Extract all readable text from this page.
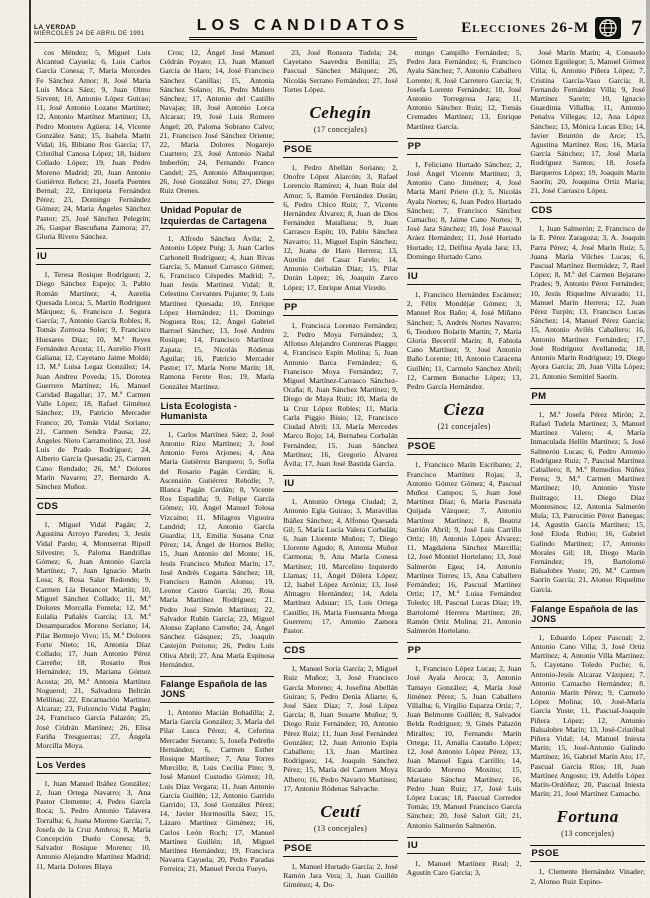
LA VERDAD
MIÉRCOLES 24 DE ABRIL DE 1991	LOS CANDIDATOS	Elecciones 26-M 7

cos Méndez; 5, Miguel Luis Alcantud Cayuela; 6, Luis Carlos García Conesa; 7, María Mercedes Fe Sánchez Amor; 8, José María Luis Moca Sáez; 9, Juan Olmo Sirvent; 10, Antonio López Guirao; 11, José Antonio Lozano Martínez; 12, Antonio Martínez Martínez; 13, Pedro Montero Agüera; 14, Vicente González Sanz; 15, Isabela Marín Vidal; 16, Bibiano Ros García; 17, Cristóbal Canosa López; 18, Isidoro Collado López; 19, Juan Pedro Moreno Madrid; 20, Juan Antonio Gutiérrez Rehce; 21, Josefa Puentes Bernal; 22, Enriqueta Fernández Pérez; 23, Domingo Fernández Gómez; 24, María Ángeles Sánchez Pastor; 25, José Sánchez Pelegrín; 26, Gaspar Bascuñana Zamora; 27, Gloria Rivero Sánchez.

IU

1, Teresa Rosique Rodríguez; 2, Diego Sánchez Espejo; 3, Pablo Román Martínez; 4, Aurelia Quesada Lorca; 5, Martín Rodríguez Márquez; 6, Francisco J. Segura García; 7, Antonio García Robles; 8, Tomás Zornoza Soler; 9, Francisco Huesares Díaz; 10, M.ª Reyes Fernández Acosta; 11, Aurelio Florit Galiana; 12, Cayetano Jaime Moldó; 13, M.ª Luisa Legaz González; 14, Juan Andreu Poveda; 15, Dorotea Guerrero Martínez; 16, Manuel Caridad Bagallar; 17, M.ª Carmen Valle López; 18, Rafael Giménez Sánchez; 19, Patricio Mercader Franco; 20, Tomás Vidal Soriano; 21, Carmen Sendra Pausa; 22, Ángeles Nieto Carramolino; 23, José Luis de Prado Rodríguez; 24, Alberto García Quesada; 25, Carmen Cano Rendado; 26, M.ª Dolores Marín Navarro; 27, Bernardo A. Sánchez Muñoz.

CDS

1, Miguel Vidal Pagán; 2, Agustina Arroyo Paredes; 3, Jesús Vidal Pardo; 4, Montserrat Ripoll Silvestre; 5, Paloma Bandrillas Gómez; 6, Juan Antonio García Martínez; 7, Juan Ignacio Marín Losa; 8, Rosa Salar Redondo; 9, Carmen Lía Betancor Martín; 10, Miguel Sánchez Collado; 11, M.ª Dolores Morcalla Fontela; 12, M.ª Eulalia Pañalés García; 13, M.ª Desamparados Moreno Soriano; 14, Pilar Bermejo Vivo; 15, M.ª Dolores Forte Nieto; 16, Antonia Díaz Collado; 17, Juan Antonio Pérez Carreño; 18, Rosario Ros Hernández; 19, Mariana Gómez Acosta; 20, M.ª Antonia Martínez Noguerol; 21, Salvadora Beltrán Mellinas; 22, Encarnación Martínez Alcaraz; 23, Fulcencio Vidal Pagán; 24, Francisco García Palazón; 25, José Cridrán Martínez; 26, Elisa Fariña Tresguerras; 27, Ángela Morcilla Moya.

Los Verdes

1, Juan Manuel Ibáñez González; 2, Juan Ortega Navarro; 3, Ana Pastor Clemente; 4, Pedro García Roca; 5, Pedro Antonio Talavera Torralba; 6, Juana Moreno García; 7, Josefa de la Cruz Ambros; 8, María Concepción Duelo Conesa; 9, Salvador Rosique Moreno; 10, Antonio Alejandro Martínez Madrid; 11, María Dolores Blaya

Cros; 12, Ángel José Manuel Celdrán Poyato; 13, Juan Manuel García de Haro; 14, José Francisco Sánchez Canillas; 15, Antonia Sánchez Solano; 16, Pedro Mulero Sánchez; 17, Antonio del Castillo Navajas; 18, José Antonio Lorca Alcaraz; 19, José Luis Romero Ángel; 20, Paloma Sobrano Calvo; 21, Francisco José Sánchez Oriente; 22, María Dolores Nogarejo Cuartero; 23, José Antonio Nadal Imberlón; 24, Fernando Franco Candel; 25, Antonio Albuquerque; 26, José González Soto; 27, Diego Ruiz Orenes.

Unidad Popular de Izquierdas de Cartagena

1, Alfredo Sánchez Ávila; 2, Antonio López Puig; 3, Juan Carlos Carbonell Rodríguez; 4, Juan Rivas García; 5, Manuel Carrasco Gómez; 6, Francisco Céspedes Madrid; 7, Juan Jesús Martínez Vidal; 8, Celestino Cervantes Pujante; 9, Luis Martínez Quesada; 10, Enrique López Hernández; 11, Domingo Noguera Ros; 12, Ángel Gabriel Barruel Sánchez; 13, José Andreu Rosique; 14, Francisco Martínez Zapata; 15, Nicolás Ródenas Aguilar; 16, Patricio Mercader Pastor; 17, María Norte Marín; 18, Ramona Ferete Ros; 19, María González Martínez.

Lista Ecologista - Humanista

1, Carlos Martínez Sáez; 2, José Antonio Rizo Martínez; 3, José Antonio Feres Arjones; 4, Ana María Gutiérrez Barquero; 5, Sofía del Rosario Pagán Cerdán; 6, Ascensión Gutiérrez Rebolle; 7, Blanca Pagán Cerdán; 8, Vicente Ros Espadiña; 9, Felipe García Gómez; 10, Ángel Manuel Tolosa Vizcaíno; 11, Milagros Viguoira Landrid; 12, Antonio García Guardia; 13, Emilia Susana Cruz Pérez; 14, Ángel de Hornos Bello; 15, Juan Antonio del Monte; 16, Jesús Francisco Muñoz Marín; 17, José Andrés Cegarra Sánchez; 18, Francisco Ramón Alonso; 19, Leonor Castro García; 20, Rosa María Martínez Rodríguez; 21, Pedro José Simón Martínez; 22, Salvador Rubín García; 23, Miguel Alonso Zaplano Carreño; 24, Ángel Sánchez Gásquez; 25, Joaquín Castejón Periono; 26, Pedro Luis Oliva Abril; 27, Ana María Espinosa Hernández.

Falange Española de las JONS

1, Antonio Macián Bobadilla; 2, María García González; 3, María del Pilar Lasca Pérez; 4, Ceferina Mercader Serrano; 5, Josefa Pedreño Hernández; 6, Carmen Esther Rosique Martínez; 7, Ana Torres Murcillo; 8, Luis Cecilia Pino; 9, José Manuel Custodio Gómez; 10, Luis Díaz Vergara; 11, Juan Antonio García Guillén; 12, Antonio Garrido Garrido; 13, José González Pérez; 14, Javier Hormosilla Sáez; 15, Lázaro Martínez Giménez; 16, Carlos León Roch; 17, Manuel Martínez Guillén; 18, Miguel Martínez Hernández; 19, Francisca Navarra Cayuela; 20, Pedro Paradas Ferreira; 21, Manuel Percia Fueyo,

23, José Ronsora Tudela; 24, Cayetano Saavedra Bonilla; 25, Pascual Sánchez Málquez; 26, Nicolás Serrano Fernández; 27, José Tortes López.

Cehegín
(17 concejales)
PSOE

1, Pedro Abellán Soriano; 2, Onofre López Alarcón; 3, Rafael Lorencio Ramírez; 4, Juan Ruiz del Amor; 5, Ramón Fernández Durán; 6, Pedro Chico Ruiz; 7, Vicente Hernández Álvarez; 8, Juan de Dios Fernández Matallana; 9, Juan Carrasco Espín; 10, Pablo Sánchez Navarro; 11, Miguel Espín Sánchez; 12, Juana de Haro Herrera; 13, Aurelio del Casar Farelo; 14, Antonio Corbalán Díaz; 15, Pilar Durán López; 16, Joaquín Zarco López; 17, Enrique Amat Vicedo.

PP

1, Francisca Lorenzo Fernández; 2, Pedro Moya Fernández; 3, Alfonso Alejandro Contreras Piaggo; 4, Francisco Espín Molina; 5, Juan Antonio Barca Fernández; 6, Francisco Moya Fernández; 7, Miguel Martínez-Carrasco Sánchez-Ocaña; 8, Juan Sánchez Martínez; 9, Diego de Maya Ruiz; 10, María de la Cruz López Robles; 11, María Carla Piggio Bisio; 12, Francisco Ciudad Abril; 13, María Mercedes Marco Rojo; 14, Bernabea Corbalán Fernández; 15, Juan Sánchez Martínez; 16, Gregorio Álvarez Ávila; 17, Juan José Bastida García.

IU

1, Antonio Ortega Ciudad; 2, Antonio Egía Guirao; 3, Maravillas Ibáñez Sánchez; 4, Alfonso Quesada Gil; 5, María Lucía Valera Corbalán; 6, Juan Llorente Muñoz; 7, Diego Llorente Agudo; 8, Antonia Muñoz Carmona; 9, Ana María Conesa Martínez; 10, Marcelino Izquierdo Llamas; 11, Ángel Dólera López; 12, Isabel López Arróniz; 13, José Almagro Hernández; 14, Adela Martínez Adsuar; 15, Luis Ortega Castillo; 16, María Fuensanta Morga Guerrero; 17, Antonio Zamora Pastor.

CDS

1, Manuel Soria García; 2, Miguel Ruiz Muñoz; 3, José Francisco García Moreno; 4, Josefina Abellán Guirao; 5, Pedro Denia Aliarte; 6, José Sáez Díaz; 7, José López García; 8, Juan Susarte Muñoz; 9, Diego Ruiz Fernández; 10, Antonio Pérez Ruiz; 11, Juan José Fernández González; 12, Juan Antonio Espía Caballero; 13, Juan Martínez Rodríguez; 14, Joaquín Sánchez Pérez; 15, María del Carmen Moya Albero; 16, Pedro Navarro Martínez; 17, Antonio Ródenas Salvache.

Ceutí
(13 concejales)
PSOE

1, Manuel Hurtado García; 2, José Ramón Jara Vera; 3, Juan Guillén Giménez; 4, Do-

mingo Campillo Fernández; 5, Pedro Jara Fernández; 6, Francisco Ayala Sánchez; 7, Antonio Caballero Lorente; 8, José Carretero García; 9, Josefa Lorente Fernández; 10, José Antonio Torregrosa Jara; 11, Antonio Sánchez Ruiz; 12, Tomás Cremades Martínez; 13, Enrique Martínez García.

PP

1, Feliciano Hurtado Sánchez; 2, José Ángel Vicente Martínez; 3, Antonio Cano Jiménez; 4, José María Martí Prieto (I.); 5, Nicolás Ayala Nortes; 6, Juan Pedro Hurtado Sánchez; 7, Francisco Sánchez Camacho; 8, Jaime Cano Nortes; 9, José Jara Sánchez; 10, José Pascual Aráez Hernández; 11, José Hurtado Hurtado; 12, Delfina Ayala Jara; 13, Domingo Hurtado Cano.

IU

1, Francisco Hernández Escámez; 2, Félix Mondéjar Gómez; 3, Manuel Ros Baño; 4, José Miñano Sánchez; 5, Andrés Nortes Navarro; 6, Teodoro Bolarín Martín; 7, María Gloria Becerril Marín; 8, Fabiola Cano Martínez; 9, José Antonio Baño Lorente; 10, Antonio Caracena Guillén; 11, Carmelo Sánchez Abril; 12, Carmen Bonache López; 13, Pedro García Hernández.

Cieza
(21 concejales)
PSOE

1, Francisco Marín Escribano; 2, Francisco Martínez Rojas; 3, Antonio Gómez Gómez; 4, Pascual Muñoz Campos; 5, Juan José Martínez Díaz; 6, María Pascuala Quijada Vázquez; 7, Antonio Martínez Martínez; 8, Beatriz Sarrión Abril; 9, José Luis Carrillo Ortiz; 10, Antonio López Álvarez; 11, Magdalena Sánchez Marcilla; 12, José Montiel Hortelano; 13, José Salmerón Egea; 14, Antonio Martínez Torres; 15, Ana Caballero Fernández; 16, Pascual Martínez Ortiz; 17, M.ª Luisa Fernández Toledo; 18, Pascual Lucas Díaz; 19, Bartolomé Herrera Martínez; 20, Ramón Ortiz Molina; 21, Antonio Salmerón Hortelano.

PP

1, Francisco López Lucas; 2, Juan José Ayala Aroca; 3, Antonio Tamayo González; 4, María José Jiménez Pérez; 5, Juan Caballero Villalba; 6, Virgilio Esparza Ortiz; 7, Juan Belmonte Guillén; 8, Salvador Belda Rodríguez; 9, Ginés Palazón Miralles; 10, Fernando Marín Ortega; 11, Amalia Castaño López; 12, José Antonio López Pérez; 13, Juan Manuel Egea Carrillo; 14, Ricardo Moreno Moxino; 15, Mariano Sánchez Martínez; 16, Pedro Juan Ruiz; 17, José Luis López Lucas; 18, Pascual Corredor Tomás; 19, Manuel Francisco García Sánchez; 20, José Salort Gil; 21, Antonio Salmerón Salmerón.

IU

1, Manuel Martínez Real; 2, Agustín Caro García; 3,

José Marín Marín; 4, Consuelo Gómez Eguilegor; 5, Manuel Gómez Villa; 6, Antonio Piñera López; 7, Cristina García-Vaso García; 8, Fernando Fernández Villa; 9, José Martínez Saorín; 10, Ignacio Guardinia Villalba; 11, Antonio Penalva Villegas; 12, Ana López Sánchez; 13, Mónica Lucas Elio; 14, Javier Bruntón de Arce; 15, Agustina Martínez Ros; 16, María García Sánchez; 17, José María Rodríguez Santos; 18, Josefa Barqueros López; 19, Joaquín Marín Saorín; 20, Joaquina Ortiz María; 21, José Carrasco López.

CDS

1, Juan Salmerón; 2, Francisco de la E. Pérez Zaragoza; 3, A. Joaquín Parra Pérez; 4, José Marín Ruiz; 5, Juana María Vilches Lucas; 6, Pascual Martínez Bermúdez; 7, Rael López; 8, M.ª del Carmen Bejarano Prades; 9, Antonio Pérez Fernández; 10, Jesús Riquelme Alvarado; 11, Manuel Marín Herrera; 12, Juan Pérez Turpín; 13, Francisco Lucas Sánchez; 14, Manuel Pérez García; 15, Antonio Avilés Caballero; 16, Antonio Martínez Fernández; 17, José Rodríguez Avellaneda; 18, Antonio Marín Rodríguez; 19, Diego Ayora García; 20, Juan Villa López; 21, Antonio Semitiel Saorín.

PM

1, M.ª Josefa Pérez Mirón; 2, Rafael Tudela Martínez; 3, Manuel Martínez Valero; 4, María Inmaculada Hellín Martínez; 5, José Salmerón Lucas; 6, Pedro Antonio Rodríguez Ruiz; 7, Pascual Martínez Caballero; 8, M.ª Remedios Núñez Perea; 9, M.ª Carmen Martínez Martínez; 10, Antonio Yuste Buitrago; 11, Diego Díaz Montesinos; 12, Antonia Salmerón Mula; 13, Patrocinio Pérez Banegas; 14, Agustín García Martínez; 15, José Eloda Rubio; 16, Gabriel Galindo Martínez; 17, Antonio Morales Gil; 18, Diego Marín Fernández; 19, Bartolomé Balsalobre Yuste; 20, M.ª Carmen Saorín García; 21, Alonso Riquelme García.

Falange Española de las JONS

1, Eduardo López Pascual; 2, Antonio Cano Villa; 3, José Ortiz Martínez; 4, Antonio Villa Martínez; 5, Cayetano Toledo Puche; 6, Antonio-Jesús Alcaraz Vázquez; 7, Antonio Camacho Hernández; 8, Antonio Marín Pérez; 9, Carmelo López Molina; 10, José-María García Yuste; 11, Pascual-Joaquín Piñera López; 12, Antonio Balsalobre Marín; 13, José-Cristóbal Piñera Vidal; 14, Manuel Iniesta Marín; 15, José-Antonio Galindo Martínez; 16, Gabriel Marín Ato; 17, Pascual García Ríos; 18, Juan Martínez Angosto; 19, Adelfo López Marín-Ordóñez; 20, Pascual Iniesta Marín; 21, José Martínez Camacho.

Fortuna
(13 concejales)
PSOE

1, Clemente Hernández Vinader; 2, Alonso Ruiz Espino-
